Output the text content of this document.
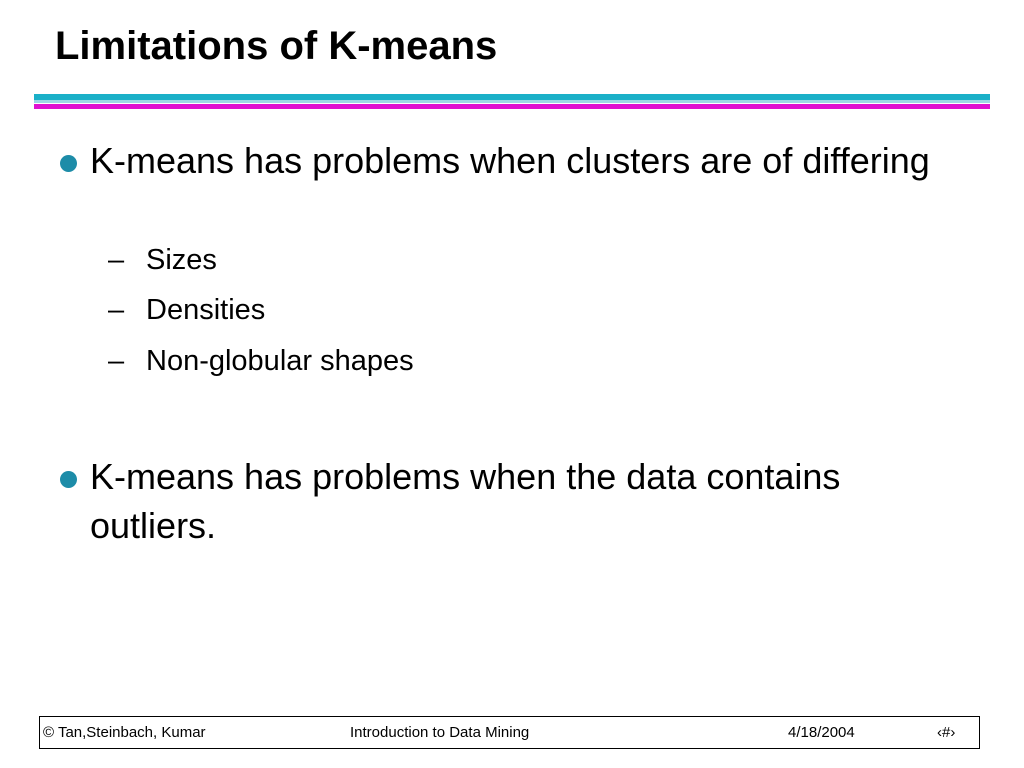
Limitations of K-means
K-means has problems when clusters are of differing
– Sizes
– Densities
– Non-globular shapes
K-means has problems when the data contains outliers.
© Tan,Steinbach, Kumar	Introduction to Data Mining	4/18/2004	‹#›
